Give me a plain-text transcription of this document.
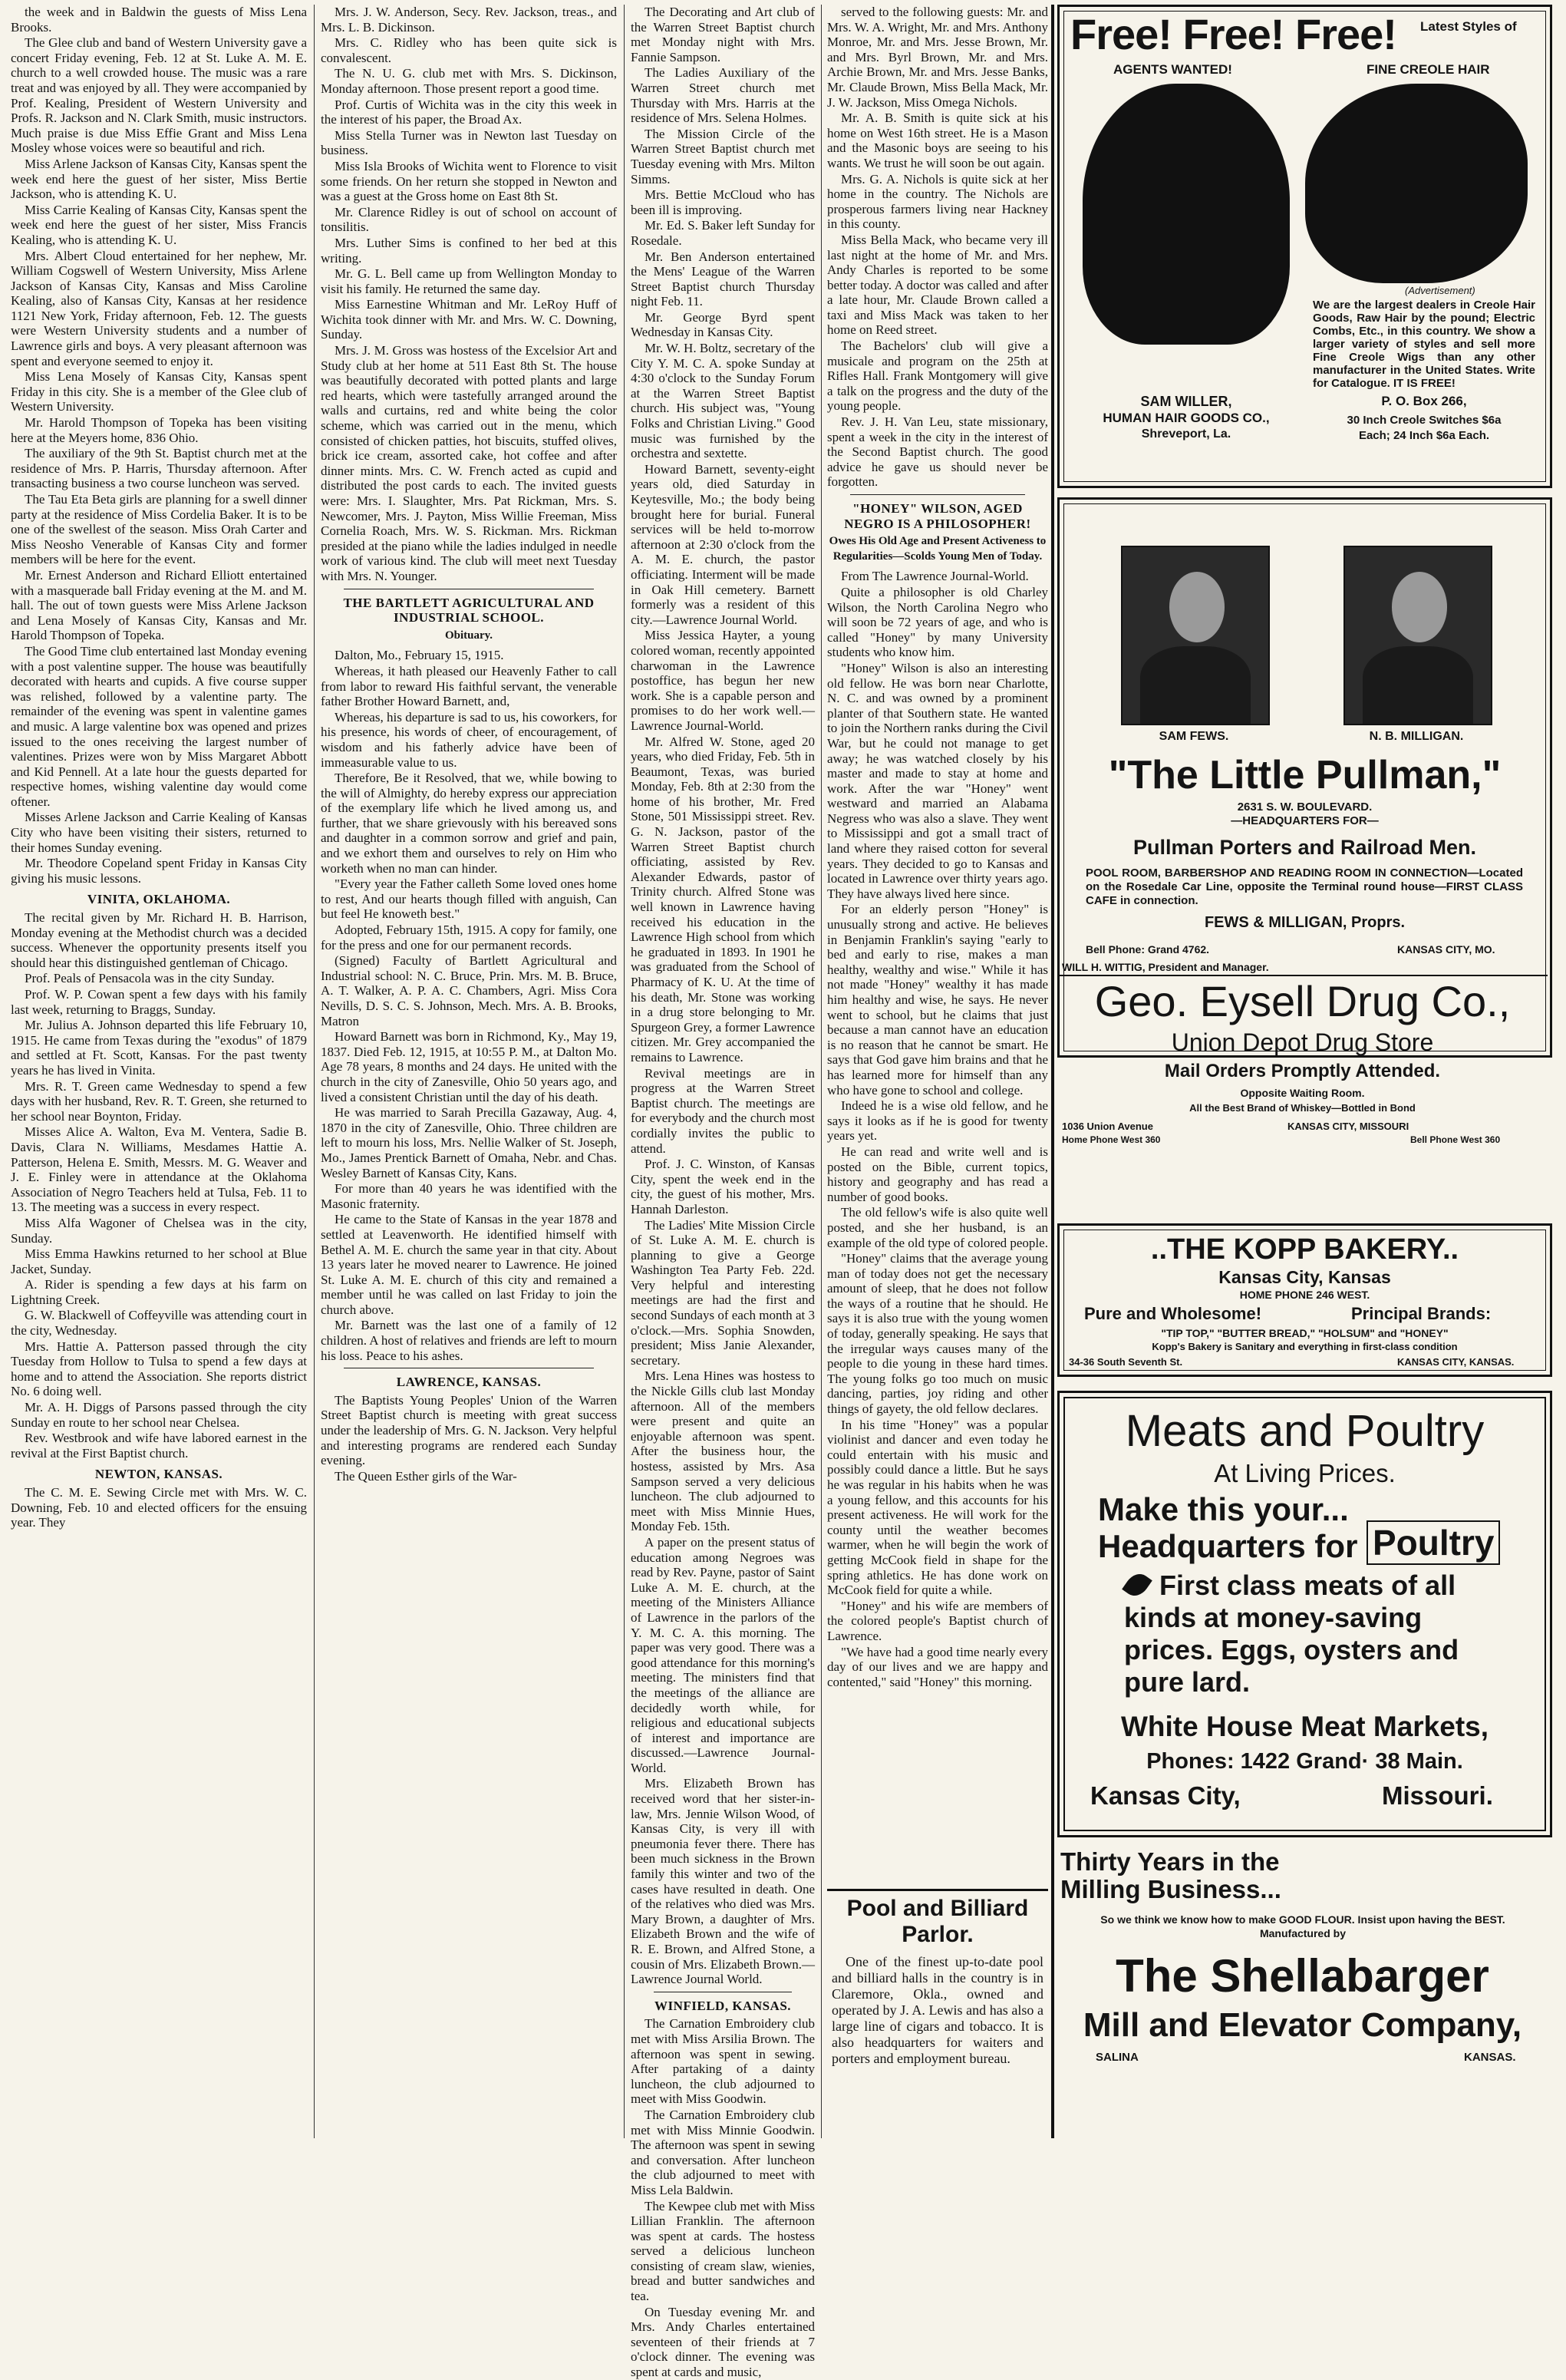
the week and in Baldwin the guests of Miss Lena Brooks.

The Glee club and band of Western University gave a concert Friday evening, Feb. 12 at St. Luke A. M. E. church to a well crowded house. The music was a rare treat and was enjoyed by all. They were accompanied by Prof. Kealing, President of Western University and Profs. R. Jackson and N. Clark Smith, music instructors. Much praise is due Miss Effie Grant and Miss Lena Mosley whose voices were so beautiful and rich.

Miss Arlene Jackson of Kansas City, Kansas spent the week end here the guest of her sister, Miss Bertie Jackson, who is attending K. U.

Miss Carrie Kealing of Kansas City, Kansas spent the week end here the guest of her sister, Miss Francis Kealing, who is attending K. U.

Mrs. Albert Cloud entertained for her nephew, Mr. William Cogswell of Western University, Miss Arlene Jackson of Kansas City, Kansas and Miss Caroline Kealing, also of Kansas City, Kansas at her residence 1121 New York, Friday afternoon, Feb. 12. The guests were Western University students and a number of Lawrence girls and boys. A very pleasant afternoon was spent and everyone seemed to enjoy it.

Miss Lena Mosely of Kansas City, Kansas spent Friday in this city. She is a member of the Glee club of Western University.

Mr. Harold Thompson of Topeka has been visiting here at the Meyers home, 836 Ohio.

The auxiliary of the 9th St. Baptist church met at the residence of Mrs. P. Harris, Thursday afternoon. After transacting business a two course luncheon was served.

The Tau Eta Beta girls are planning for a swell dinner party at the residence of Miss Cordelia Baker. It is to be one of the swellest of the season. Miss Orah Carter and Miss Neosho Venerable of Kansas City and former members will be here for the event.

Mr. Ernest Anderson and Richard Elliott entertained with a masquerade ball Friday evening at the M. and M. hall. The out of town guests were Miss Arlene Jackson and Lena Mosely of Kansas City, Kansas and Mr. Harold Thompson of Topeka.

The Good Time club entertained last Monday evening with a post valentine supper. The house was beautifully decorated with hearts and cupids. A five course supper was relished, followed by a valentine party. The remainder of the evening was spent in valentine games and music. A large valentine box was opened and prizes issued to the ones receiving the largest number of valentines. Prizes were won by Miss Margaret Abbott and Kid Pennell. At a late hour the guests departed for respective homes, wishing valentine day would come oftener.

Misses Arlene Jackson and Carrie Kealing of Kansas City who have been visiting their sisters, returned to their homes Sunday evening.

Mr. Theodore Copeland spent Friday in Kansas City giving his music lessons.

VINITA, OKLAHOMA.

The recital given by Mr. Richard H. B. Harrison, Monday evening at the Methodist church was a decided success. Whenever the opportunity presents itself you should hear this distinguished gentleman of Chicago.

Prof. Peals of Pensacola was in the city Sunday.

Prof. W. P. Cowan spent a few days with his family last week, returning to Braggs, Sunday.

Mr. Julius A. Johnson departed this life February 10, 1915. He came from Texas during the "exodus" of 1879 and settled at Ft. Scott, Kansas. For the past twenty years he has lived in Vinita.

Mrs. R. T. Green came Wednesday to spend a few days with her husband, Rev. R. T. Green, she returned to her school near Boynton, Friday.

Misses Alice A. Walton, Eva M. Ventera, Sadie B. Davis, Clara N. Williams, Mesdames Hattie A. Patterson, Helena E. Smith, Messrs. M. G. Weaver and J. E. Finley were in attendance at the Oklahoma Association of Negro Teachers held at Tulsa, Feb. 11 to 13. The meeting was a success in every respect.

Miss Alfa Wagoner of Chelsea was in the city, Sunday.

Miss Emma Hawkins returned to her school at Blue Jacket, Sunday.

A. Rider is spending a few days at his farm on Lightning Creek.

G. W. Blackwell of Coffeyville was attending court in the city, Wednesday.

Mrs. Hattie A. Patterson passed through the city Tuesday from Hollow to Tulsa to spend a few days at home and to attend the Association. She reports district No. 6 doing well.

Mr. A. H. Diggs of Parsons passed through the city Sunday en route to her school near Chelsea.

Rev. Westbrook and wife have labored earnest in the revival at the First Baptist church.

NEWTON, KANSAS.

The C. M. E. Sewing Circle met with Mrs. W. C. Downing, Feb. 10 and elected officers for the ensuing year. They

Mrs. J. W. Anderson, Secy. Rev. Jackson, treas., and Mrs. L. B. Dickinson.

Mrs. C. Ridley who has been quite sick is convalescent.

The N. U. G. club met with Mrs. S. Dickinson, Monday afternoon. Those present report a good time.

Prof. Curtis of Wichita was in the city this week in the interest of his paper, the Broad Ax.

Miss Stella Turner was in Newton last Tuesday on business.

Miss Isla Brooks of Wichita went to Florence to visit some friends. On her return she stopped in Newton and was a guest at the Gross home on East 8th St.

Mr. Clarence Ridley is out of school on account of tonsilitis.

Mrs. Luther Sims is confined to her bed at this writing.

Mr. G. L. Bell came up from Wellington Monday to visit his family. He returned the same day.

Miss Earnestine Whitman and Mr. LeRoy Huff of Wichita took dinner with Mr. and Mrs. W. C. Downing, Sunday.

Mrs. J. M. Gross was hostess of the Excelsior Art and Study club at her home at 511 East 8th St. The house was beautifully decorated with potted plants and large red hearts, which were tastefully arranged around the walls and curtains, red and white being the color scheme, which was carried out in the menu, which consisted of chicken patties, hot biscuits, stuffed olives, brick ice cream, assorted cake, hot coffee and after dinner mints. Mrs. C. W. French acted as cupid and distributed the post cards to each. The invited guests were: Mrs. I. Slaughter, Mrs. Pat Rickman, Mrs. S. Newcomer, Mrs. J. Payton, Miss Willie Freeman, Miss Cornelia Roach, Mrs. W. S. Rickman. Mrs. Rickman presided at the piano while the ladies indulged in needle work of various kind. The club will meet next Tuesday with Mrs. N. Younger.

THE BARTLETT AGRICULTURAL AND INDUSTRIAL SCHOOL.
Obituary.

Dalton, Mo., February 15, 1915.

Whereas, it hath pleased our Heavenly Father to call from labor to reward His faithful servant, the venerable father Brother Howard Barnett, and,

Whereas, his departure is sad to us, his coworkers, for his presence, his words of cheer, of encouragement, of wisdom and his fatherly advice have been of immeasurable value to us.

Therefore, Be it Resolved, that we, while bowing to the will of Almighty, do hereby express our appreciation of the exemplary life which he lived among us, and further, that we share grievously with his bereaved sons and daughter in a common sorrow and grief and pain, and we exhort them and ourselves to rely on Him who worketh when no man can hinder.

"Every year the Father calleth Some loved ones home to rest, And our hearts though filled with anguish, Can but feel He knoweth best."

Adopted, February 15th, 1915. A copy for family, one for the press and one for our permanent records.

(Signed) Faculty of Bartlett Agricultural and Industrial school: N. C. Bruce, Prin. Mrs. M. B. Bruce, A. T. Walker, A. P. A. C. Chambers, Agri. Miss Cora Nevills, D. S. C. S. Johnson, Mech. Mrs. A. B. Brooks, Matron

Howard Barnett was born in Richmond, Ky., May 19, 1837. Died Feb. 12, 1915, at 10:55 P. M., at Dalton Mo. Age 78 years, 8 months and 24 days. He united with the church in the city of Zanesville, Ohio 50 years ago, and lived a consistent Christian until the day of his death.

He was married to Sarah Precilla Gazaway, Aug. 4, 1870 in the city of Zanesville, Ohio. Three children are left to mourn his loss, Mrs. Nellie Walker of St. Joseph, Mo., James Prentick Barnett of Omaha, Nebr. and Chas. Wesley Barnett of Kansas City, Kans.

For more than 40 years he was identified with the Masonic fraternity.

He came to the State of Kansas in the year 1878 and settled at Leavenworth. He identified himself with Bethel A. M. E. church the same year in that city. About 13 years later he moved nearer to Lawrence. He joined St. Luke A. M. E. church of this city and remained a member until he was called on last Friday to join the church above.

Mr. Barnett was the last one of a family of 12 children. A host of relatives and friends are left to mourn his loss. Peace to his ashes.

LAWRENCE, KANSAS.

The Baptists Young Peoples' Union of the Warren Street Baptist church is meeting with great success under the leadership of Mrs. G. N. Jackson. Very helpful and interesting programs are rendered each Sunday evening.

The Queen Esther girls of the War-

The Decorating and Art club of the Warren Street Baptist church met Monday night with Mrs. Fannie Sampson.

The Ladies Auxiliary of the Warren Street church met Thursday with Mrs. Harris at the residence of Mrs. Selena Holmes.

The Mission Circle of the Warren Street Baptist church met Tuesday evening with Mrs. Milton Simms.

Mrs. Bettie McCloud who has been ill is improving.

Mr. Ed. S. Baker left Sunday for Rosedale.

Mr. Ben Anderson entertained the Mens' League of the Warren Street Baptist church Thursday night Feb. 11.

Mr. George Byrd spent Wednesday in Kansas City.

Mr. W. H. Boltz, secretary of the City Y. M. C. A. spoke Sunday at 4:30 o'clock to the Sunday Forum at the Warren Street Baptist church. His subject was, "Young Folks and Christian Living." Good music was furnished by the orchestra and sextette.

Howard Barnett, seventy-eight years old, died Saturday in Keytesville, Mo.; the body being brought here for burial. Funeral services will be held to-morrow afternoon at 2:30 o'clock from the A. M. E. church, the pastor officiating. Interment will be made in Oak Hill cemetery. Barnett formerly was a resident of this city.—Lawrence Journal World.

Miss Jessica Hayter, a young colored woman, recently appointed charwoman in the Lawrence postoffice, has begun her new work. She is a capable person and promises to do her work well.—Lawrence Journal-World.

Mr. Alfred W. Stone, aged 20 years, who died Friday, Feb. 5th in Beaumont, Texas, was buried Monday, Feb. 8th at 2:30 from the home of his brother, Mr. Fred Stone, 501 Mississippi street. Rev. G. N. Jackson, pastor of the Warren Street Baptist church officiating, assisted by Rev. Alexander Edwards, pastor of Trinity church. Alfred Stone was well known in Lawrence having received his education in the Lawrence High school from which he graduated in 1893. In 1901 he was graduated from the School of Pharmacy of K. U. At the time of his death, Mr. Stone was working in a drug store belonging to Mr. Spurgeon Grey, a former Lawrence citizen. Mr. Grey accompanied the remains to Lawrence.

Revival meetings are in progress at the Warren Street Baptist church. The meetings are for everybody and the church most cordially invites the public to attend.

Prof. J. C. Winston, of Kansas City, spent the week end in the city, the guest of his mother, Mrs. Hannah Darleston.

The Ladies' Mite Mission Circle of St. Luke A. M. E. church is planning to give a George Washington Tea Party Feb. 22d. Very helpful and interesting meetings are had the first and second Sundays of each month at 3 o'clock.—Mrs. Sophia Snowden, president; Miss Janie Alexander, secretary.

Mrs. Lena Hines was hostess to the Nickle Gills club last Monday afternoon. All of the members were present and quite an enjoyable afternoon was spent. After the business hour, the hostess, assisted by Mrs. Asa Sampson served a very delicious luncheon. The club adjourned to meet with Miss Minnie Hues, Monday Feb. 15th.

A paper on the present status of education among Negroes was read by Rev. Payne, pastor of Saint Luke A. M. E. church, at the meeting of the Ministers Alliance of Lawrence in the parlors of the Y. M. C. A. this morning. The paper was very good. There was a good attendance for this morning's meeting. The ministers find that the meetings of the alliance are decidedly worth while, for religious and educational subjects of interest and importance are discussed.—Lawrence Journal-World.

Mrs. Elizabeth Brown has received word that her sister-in-law, Mrs. Jennie Wilson Wood, of Kansas City, is very ill with pneumonia fever there. There has been much sickness in the Brown family this winter and two of the cases have resulted in death. One of the relatives who died was Mrs. Mary Brown, a daughter of Mrs. Elizabeth Brown and the wife of R. E. Brown, and Alfred Stone, a cousin of Mrs. Elizabeth Brown.—Lawrence Journal World.

WINFIELD, KANSAS.

The Carnation Embroidery club met with Miss Arsilia Brown. The afternoon was spent in sewing. After partaking of a dainty luncheon, the club adjourned to meet with Miss Goodwin.

The Carnation Embroidery club met with Miss Minnie Goodwin. The afternoon was spent in sewing and conversation. After luncheon the club adjourned to meet with Miss Lela Baldwin.

The Kewpee club met with Miss Lillian Franklin. The afternoon was spent at cards. The hostess served a delicious luncheon consisting of cream slaw, wienies, bread and butter sandwiches and tea.

On Tuesday evening Mr. and Mrs. Andy Charles entertained seventeen of their friends at 7 o'clock dinner. The evening was spent at cards and music,

served to the following guests: Mr. and Mrs. W. A. Wright, Mr. and Mrs. Anthony Monroe, Mr. and Mrs. Jesse Brown, Mr. and Mrs. Byrl Brown, Mr. and Mrs. Archie Brown, Mr. and Mrs. Jesse Banks, Mr. Claude Brown, Miss Bella Mack, Mr. J. W. Jackson, Miss Omega Nichols.

Mr. A. B. Smith is quite sick at his home on West 16th street. He is a Mason and the Masonic boys are seeing to his wants. We trust he will soon be out again.

Mrs. G. A. Nichols is quite sick at her home in the country. The Nichols are prosperous farmers living near Hackney in this county.

Miss Bella Mack, who became very ill last night at the home of Mr. and Mrs. Andy Charles is reported to be some better today. A doctor was called and after a late hour, Mr. Claude Brown called a taxi and Miss Mack was taken to her home on Reed street.

The Bachelors' club will give a musicale and program on the 25th at Rifles Hall. Frank Montgomery will give a talk on the progress and the duty of the young people.

Rev. J. H. Van Leu, state missionary, spent a week in the city in the interest of the Second Baptist church. The good advice he gave us should never be forgotten.

"HONEY" WILSON, AGED NEGRO IS A PHILOSOPHER!
Owes His Old Age and Present Activeness to Regularities—Scolds Young Men of Today.

From The Lawrence Journal-World.

Quite a philosopher is old Charley Wilson, the North Carolina Negro who will soon be 72 years of age, and who is called "Honey" by many University students who know him.

"Honey" Wilson is also an interesting old fellow. He was born near Charlotte, N. C. and was owned by a prominent planter of that Southern state. He wanted to join the Northern ranks during the Civil War, but he could not manage to get away; he was watched closely by his master and made to stay at home and work. After the war "Honey" went westward and married an Alabama Negress who was also a slave. They went to Mississippi and got a small tract of land where they raised cotton for several years. They decided to go to Kansas and located in Lawrence over thirty years ago. They have always lived here since.

For an elderly person "Honey" is unusually strong and active. He believes in Benjamin Franklin's saying "early to bed and early to rise, makes a man healthy, wealthy and wise." While it has not made "Honey" wealthy it has made him healthy and wise, he says. He never went to school, but he claims that just because a man cannot have an education is no reason that he cannot be smart. He says that God gave him brains and that he has learned more for himself than any who have gone to school and college.

Indeed he is a wise old fellow, and he says it looks as if he is good for twenty years yet.

He can read and write well and is posted on the Bible, current topics, history and geography and has read a number of good books.

The old fellow's wife is also quite well posted, and she her husband, is an example of the old type of colored people.

"Honey" claims that the average young man of today does not get the necessary amount of sleep, that he does not follow the ways of a routine that he should. He says it is also true with the young women of today, generally speaking. He says that the irregular ways causes many of the people to die young in these hard times. The young folks go too much on music dancing, parties, joy riding and other things of gayety, the old fellow declares.

In his time "Honey" was a popular violinist and dancer and even today he could entertain with his music and possibly could dance a little. But he says he was regular in his habits when he was a young fellow, and this accounts for his present activeness. He will work for the county until the weather becomes warmer, when he will begin the work of getting McCook field in shape for the spring athletics. He has done work on McCook field for quite a while.

"Honey" and his wife are members of the colored people's Baptist church of Lawrence.

"We have had a good time nearly every day of our lives and we are happy and contented," said "Honey" this morning.

Pool and Billiard Parlor.
One of the finest up-to-date pool and billiard halls in the country is in Claremore, Okla., owned and operated by J. A. Lewis and has also a large line of cigars and tobacco. It is also headquarters for waiters and porters and employment bureau.
Free! Free! Free! Latest Styles of
AGENTS WANTED!	FINE CREOLE HAIR
(Advertisement)
We are the largest dealers in Creole Hair Goods, Raw Hair by the pound; Electric Combs, Etc., in this country. We show a larger variety of styles and sell more Fine Creole Wigs than any other manufacturer in the United States. Write for Catalogue. IT IS FREE!
SAM WILLER,
HUMAN HAIR GOODS CO.,
Shreveport, La.
P. O. Box 266,
30 Inch Creole Switches $6a
Each; 24 Inch $6a Each.
SAM FEWS.	N. B. MILLIGAN.
"The Little Pullman,"
2631 S. W. BOULEVARD.
—HEADQUARTERS FOR—
Pullman Porters and Railroad Men.
POOL ROOM, BARBERSHOP AND READING ROOM IN CONNECTION—Located on the Rosedale Car Line, opposite the Terminal round house—FIRST CLASS CAFE in connection.
FEWS & MILLIGAN, Proprs.
Bell Phone: Grand 4762.	KANSAS CITY, MO.
WILL H. WITTIG, President and Manager.
Geo. Eysell Drug Co.,
Union Depot Drug Store
Mail Orders Promptly Attended.
Opposite Waiting Room.
All the Best Brand of Whiskey—Bottled in Bond
1036 Union Avenue	KANSAS CITY, MISSOURI
Home Phone West 360	Bell Phone West 360
..THE KOPP BAKERY..
Kansas City, Kansas
HOME PHONE 246 WEST.
Pure and Wholesome!	Principal Brands:
"TIP TOP," "BUTTER BREAD," "HOLSUM" and "HONEY"
Kopp's Bakery is Sanitary and everything in first-class condition
34-36 South Seventh St.	KANSAS CITY, KANSAS.
Meats and Poultry
At Living Prices.
Make this your...
Headquarters for Poultry
First class meats of all
kinds at money-saving
prices. Eggs, oysters and
pure lard.
White House Meat Markets,
Phones: 1422 Grand· 38 Main.
Kansas City,	Missouri.
Thirty Years in the
Milling Business...
So we think we know how to make GOOD FLOUR. Insist upon having the BEST. Manufactured by
The Shellabarger
Mill and Elevator Company,
SALINA	KANSAS.
